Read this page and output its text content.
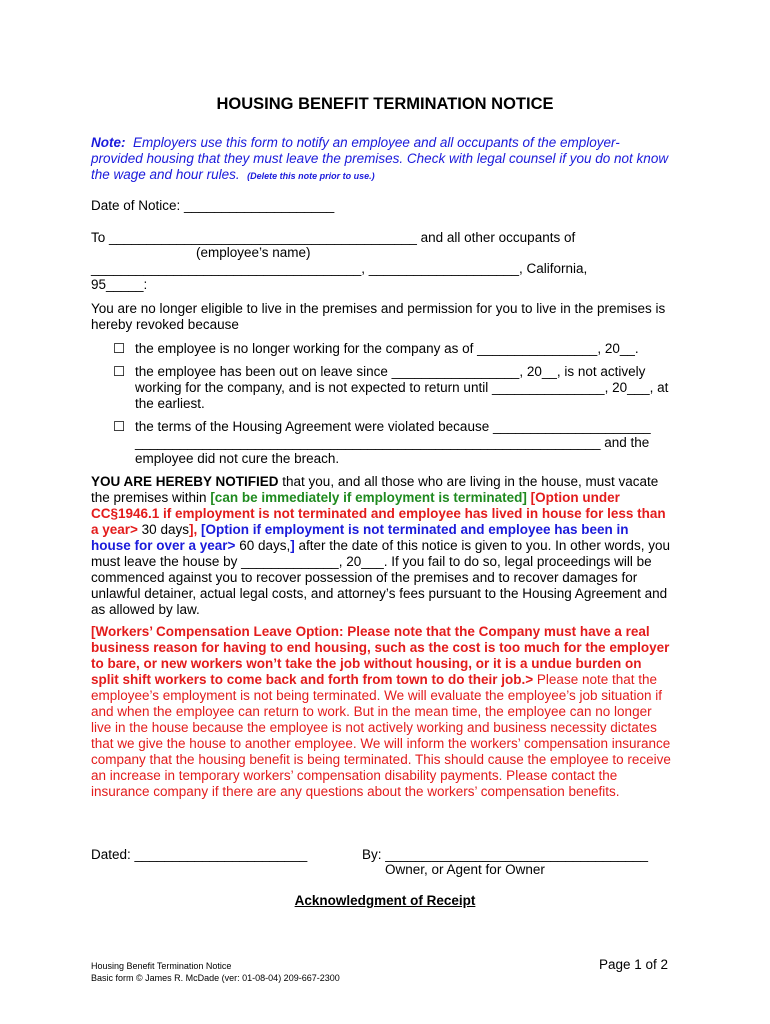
HOUSING BENEFIT TERMINATION NOTICE
Note: Employers use this form to notify an employee and all occupants of the employer-provided housing that they must leave the premises. Check with legal counsel if you do not know the wage and hour rules. (Delete this note prior to use.)
Date of Notice: ____________________
To _________________________________________ and all other occupants of
(employee’s name)
____________________________________, ____________________, California,
95_____:
You are no longer eligible to live in the premises and permission for you to live in the premises is hereby revoked because
☐ the employee is no longer working for the company as of ________________, 20__.
☐ the employee has been out on leave since _________________, 20__, is not actively working for the company, and is not expected to return until _______________, 20___, at the earliest.
☐ the terms of the Housing Agreement were violated because _____________________ ______________________________________________________________ and the employee did not cure the breach.
YOU ARE HEREBY NOTIFIED that you, and all those who are living in the house, must vacate the premises within [can be immediately if employment is terminated] [Option under CC§1946.1 if employment is not terminated and employee has lived in house for less than a year> 30 days], [Option if employment is not terminated and employee has been in house for over a year> 60 days,] after the date of this notice is given to you. In other words, you must leave the house by _____________, 20___. If you fail to do so, legal proceedings will be commenced against you to recover possession of the premises and to recover damages for unlawful detainer, actual legal costs, and attorney’s fees pursuant to the Housing Agreement and as allowed by law.
[Workers’ Compensation Leave Option: Please note that the Company must have a real business reason for having to end housing, such as the cost is too much for the employer to bare, or new workers won’t take the job without housing, or it is a undue burden on split shift workers to come back and forth from town to do their job.> Please note that the employee’s employment is not being terminated. We will evaluate the employee’s job situation if and when the employee can return to work. But in the mean time, the employee can no longer live in the house because the employee is not actively working and business necessity dictates that we give the house to another employee. We will inform the workers’ compensation insurance company that the housing benefit is being terminated. This should cause the employee to receive an increase in temporary workers’ compensation disability payments. Please contact the insurance company if there are any questions about the workers’ compensation benefits.
Dated: _______________________	By: ___________________________________
Owner, or Agent for Owner
Acknowledgment of Receipt
Housing Benefit Termination Notice
Basic form © James R. McDade (ver: 01-08-04) 209-667-2300
Page 1 of 2
